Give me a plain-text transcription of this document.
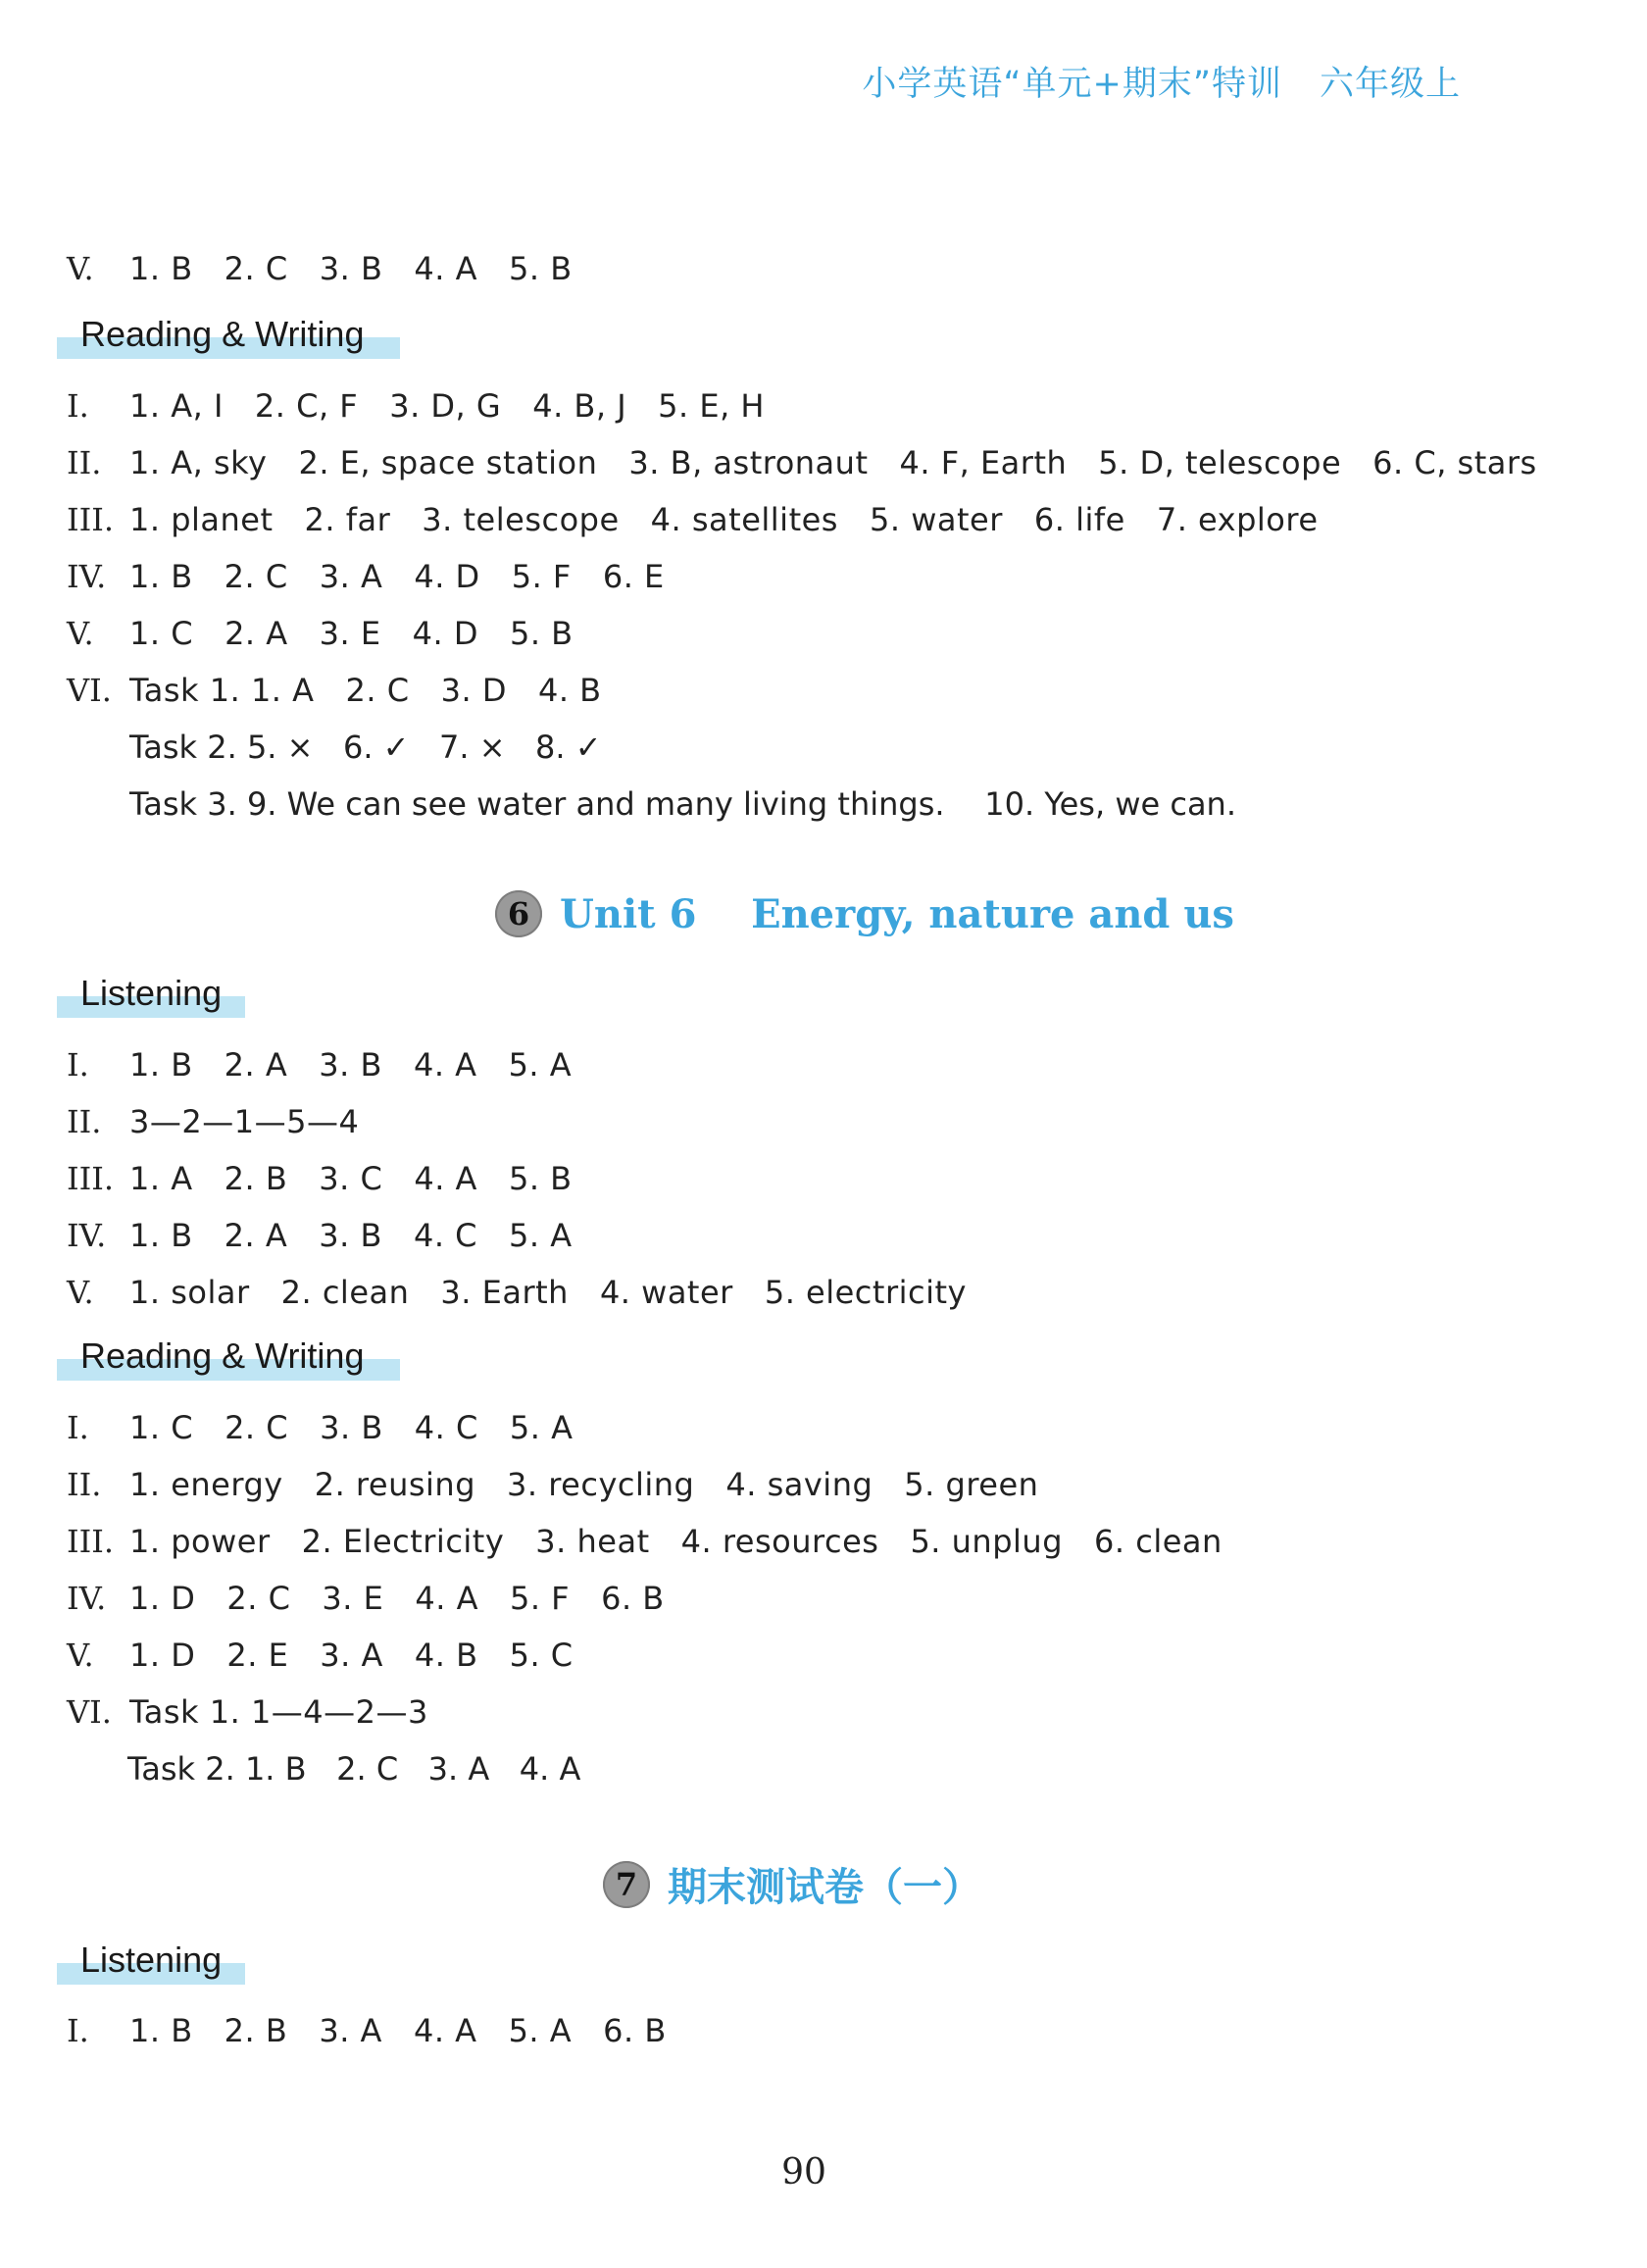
小学英语“单元+期末”特训 六年级上
V. 1. B   2. C   3. B   4. A   5. B
Reading & Writing
I. 1. A, I   2. C, F   3. D, G   4. B, J   5. E, H
II. 1. A, sky   2. E, space station   3. B, astronaut   4. F, Earth   5. D, telescope   6. C, stars
III. 1. planet   2. far   3. telescope   4. satellites   5. water   6. life   7. explore
IV. 1. B   2. C   3. A   4. D   5. F   6. E
V. 1. C   2. A   3. E   4. D   5. B
VI. Task 1. 1. A   2. C   3. D   4. B
Task 2. 5. ×   6. ✓   7. ×   8. ✓
Task 3. 9. We can see water and many living things.    10. Yes, we can.
6 Unit 6    Energy, nature and us
Listening
I. 1. B   2. A   3. B   4. A   5. A
II. 3—2—1—5—4
III. 1. A   2. B   3. C   4. A   5. B
IV. 1. B   2. A   3. B   4. C   5. A
V. 1. solar   2. clean   3. Earth   4. water   5. electricity
Reading & Writing
I. 1. C   2. C   3. B   4. C   5. A
II. 1. energy   2. reusing   3. recycling   4. saving   5. green
III. 1. power   2. Electricity   3. heat   4. resources   5. unplug   6. clean
IV. 1. D   2. C   3. E   4. A   5. F   6. B
V. 1. D   2. E   3. A   4. B   5. C
VI. Task 1. 1—4—2—3
Task 2. 1. B   2. C   3. A   4. A
7 期末测试卷（一）
Listening
I. 1. B   2. B   3. A   4. A   5. A   6. B
90
